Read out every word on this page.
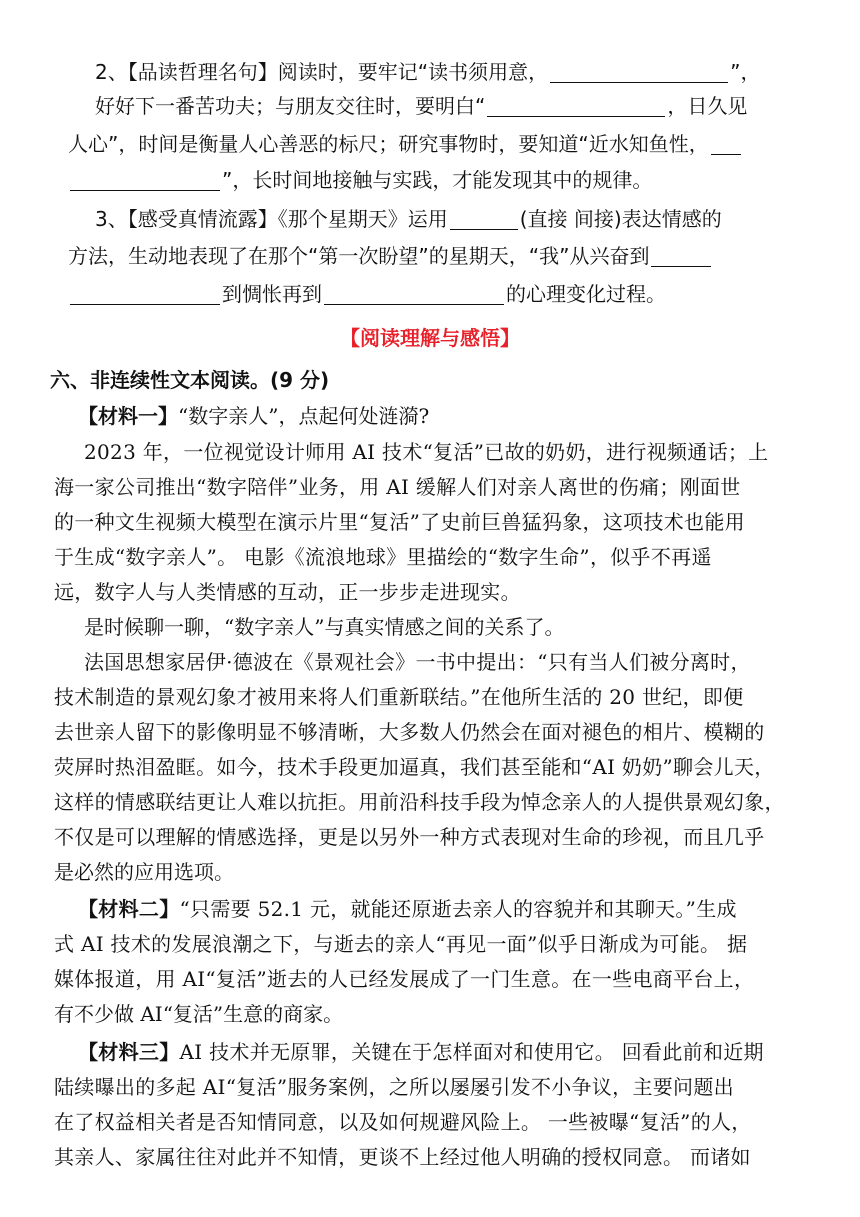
2、【品读哲理名句】阅读时，要牢记“读书须用意，	”，
好好下一番苦功夫；与朋友交往时，要明白“	，日久见
人心”，时间是衡量人心善恶的标尺；研究事物时，要知道“近水知鱼性，
”，长时间地接触与实践，才能发现其中的规律。
3、【感受真情流露】《那个星期天》运用	(直接 间接)表达情感的
方法，生动地表现了在那个“第一次盼望”的星期天，“我”从兴奋到
到惆怅再到	的心理变化过程。
【阅读理解与感悟】
六、非连续性文本阅读。(9 分)
【材料一】“数字亲人”，点起何处涟漪?
2023 年，一位视觉设计师用 AI 技术“复活”已故的奶奶，进行视频通话；上
海一家公司推出“数字陪伴”业务，用 AI 缓解人们对亲人离世的伤痛；刚面世
的一种文生视频大模型在演示片里“复活”了史前巨兽猛犸象，这项技术也能用
于生成“数字亲人”。 电影《流浪地球》里描绘的“数字生命”，似乎不再遥
远，数字人与人类情感的互动，正一步步走进现实。
是时候聊一聊，“数字亲人”与真实情感之间的关系了。
法国思想家居伊·德波在《景观社会》一书中提出：“只有当人们被分离时，
技术制造的景观幻象才被用来将人们重新联结。”在他所生活的 20 世纪，即便
去世亲人留下的影像明显不够清晰，大多数人仍然会在面对褪色的相片、模糊的
荧屏时热泪盈眶。如今，技术手段更加逼真，我们甚至能和“AI 奶奶”聊会儿天，
这样的情感联结更让人难以抗拒。用前沿科技手段为悼念亲人的人提供景观幻象，
不仅是可以理解的情感选择，更是以另外一种方式表现对生命的珍视，而且几乎
是必然的应用选项。
【材料二】“只需要 52.1 元，就能还原逝去亲人的容貌并和其聊天。”生成
式 AI 技术的发展浪潮之下，与逝去的亲人“再见一面”似乎日渐成为可能。 据
媒体报道，用 AI“复活”逝去的人已经发展成了一门生意。在一些电商平台上，
有不少做 AI“复活”生意的商家。
【材料三】AI 技术并无原罪，关键在于怎样面对和使用它。 回看此前和近期
陆续曝出的多起 AI“复活”服务案例，之所以屡屡引发不小争议，主要问题出
在了权益相关者是否知情同意，以及如何规避风险上。 一些被曝“复活”的人，
其亲人、家属往往对此并不知情，更谈不上经过他人明确的授权同意。 而诸如
